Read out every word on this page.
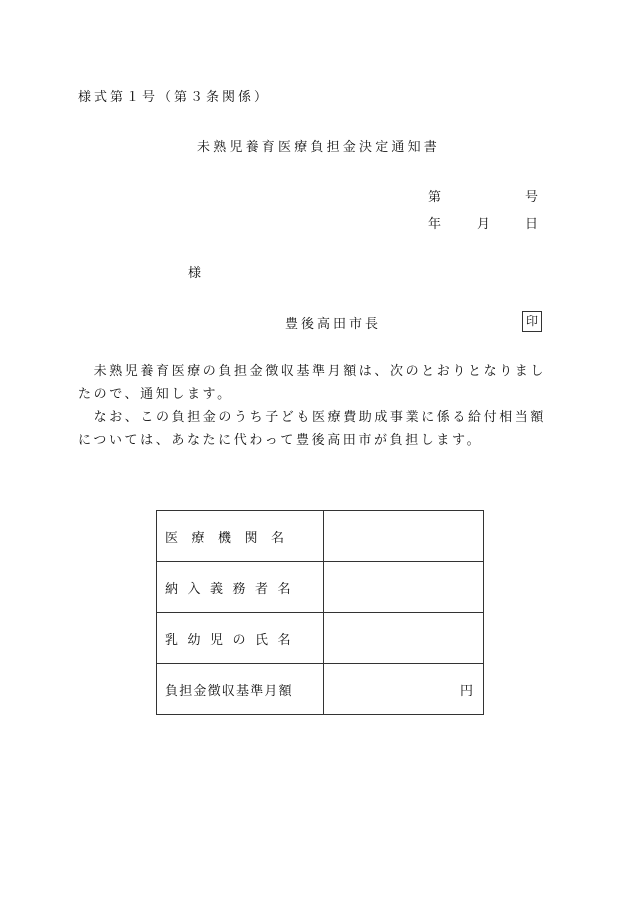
様式第１号（第３条関係）
未熟児養育医療負担金決定通知書
第	号
年	月	日
様
豊後高田市長	印

　未熟児養育医療の負担金徴収基準月額は、次のとおりとなりましたので、通知します。

　なお、この負担金のうち子ども医療費助成事業に係る給付相当額については、あなたに代わって豊後高田市が負担します。

医療機関名	
納入義務者名	
乳幼児の氏名	
負担金徴収基準月額	円
